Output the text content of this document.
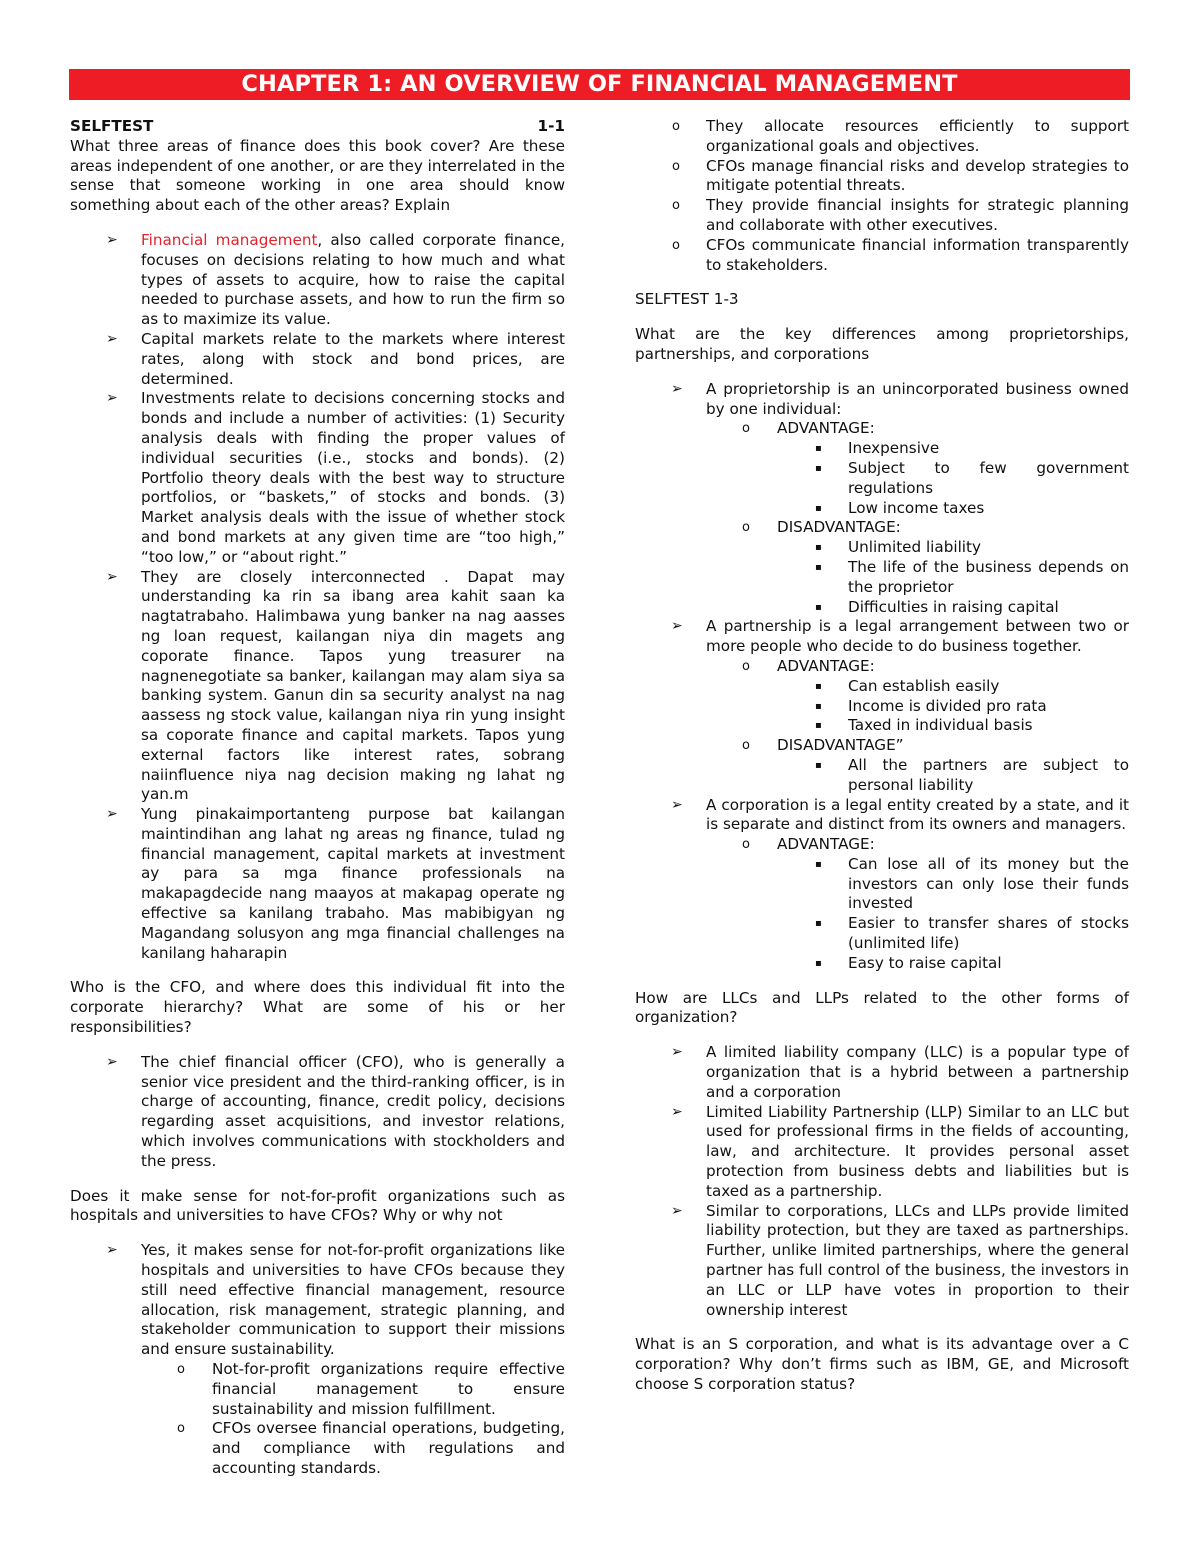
CHAPTER 1: AN OVERVIEW OF FINANCIAL MANAGEMENT
SELFTEST	1-1

What three areas of finance does this book cover? Are these areas independent of one another, or are they interrelated in the sense that someone working in one area should know something about each of the other areas? Explain

➢ Financial management, also called corporate finance, focuses on decisions relating to how much and what types of assets to acquire, how to raise the capital needed to purchase assets, and how to run the firm so as to maximize its value.
➢ Capital markets relate to the markets where interest rates, along with stock and bond prices, are determined.
➢ Investments relate to decisions concerning stocks and bonds and include a number of activities: (1) Security analysis deals with finding the proper values of individual securities (i.e., stocks and bonds). (2) Portfolio theory deals with the best way to structure portfolios, or “baskets,” of stocks and bonds. (3) Market analysis deals with the issue of whether stock and bond markets at any given time are “too high,” “too low,” or “about right.”
➢ They are closely interconnected . Dapat may understanding ka rin sa ibang area kahit saan ka nagtatrabaho. Halimbawa yung banker na nag aasses ng loan request, kailangan niya din magets ang coporate finance. Tapos yung treasurer na nagnenegotiate sa banker, kailangan may alam siya sa banking system. Ganun din sa security analyst na nag aassess ng stock value, kailangan niya rin yung insight sa coporate finance and capital markets. Tapos yung external factors like interest rates, sobrang naiinfluence niya nag decision making ng lahat ng yan.m
➢ Yung pinakaimportanteng purpose bat kailangan maintindihan ang lahat ng areas ng finance, tulad ng financial management, capital markets at investment ay para sa mga finance professionals na makapagdecide nang maayos at makapag operate ng effective sa kanilang trabaho. Mas mabibigyan ng Magandang solusyon ang mga financial challenges na kanilang haharapin

Who is the CFO, and where does this individual fit into the corporate hierarchy? What are some of his or her responsibilities?

➢ The chief financial officer (CFO), who is generally a senior vice president and the third-ranking officer, is in charge of accounting, finance, credit policy, decisions regarding asset acquisitions, and investor relations, which involves communications with stockholders and the press.

Does it make sense for not-for-profit organizations such as hospitals and universities to have CFOs? Why or why not

➢ Yes, it makes sense for not-for-profit organizations like hospitals and universities to have CFOs because they still need effective financial management, resource allocation, risk management, strategic planning, and stakeholder communication to support their missions and ensure sustainability.
o Not-for-profit organizations require effective financial management to ensure sustainability and mission fulfillment.
o CFOs oversee financial operations, budgeting, and compliance with regulations and accounting standards.
o They allocate resources efficiently to support organizational goals and objectives.
o CFOs manage financial risks and develop strategies to mitigate potential threats.
o They provide financial insights for strategic planning and collaborate with other executives.
o CFOs communicate financial information transparently to stakeholders.

SELFTEST 1-3

What are the key differences among proprietorships, partnerships, and corporations

➢ A proprietorship is an unincorporated business owned by one individual:
o ADVANTAGE:
▪ Inexpensive
▪ Subject to few government regulations
▪ Low income taxes
o DISADVANTAGE:
▪ Unlimited liability
▪ The life of the business depends on the proprietor
▪ Difficulties in raising capital
➢ A partnership is a legal arrangement between two or more people who decide to do business together.
o ADVANTAGE:
▪ Can establish easily
▪ Income is divided pro rata
▪ Taxed in individual basis
o DISADVANTAGE”
▪ All the partners are subject to personal liability
➢ A corporation is a legal entity created by a state, and it is separate and distinct from its owners and managers.
o ADVANTAGE:
▪ Can lose all of its money but the investors can only lose their funds invested
▪ Easier to transfer shares of stocks (unlimited life)
▪ Easy to raise capital

How are LLCs and LLPs related to the other forms of organization?

➢ A limited liability company (LLC) is a popular type of organization that is a hybrid between a partnership and a corporation
➢ Limited Liability Partnership (LLP) Similar to an LLC but used for professional firms in the fields of accounting, law, and architecture. It provides personal asset protection from business debts and liabilities but is taxed as a partnership.
➢ Similar to corporations, LLCs and LLPs provide limited liability protection, but they are taxed as partnerships. Further, unlike limited partnerships, where the general partner has full control of the business, the investors in an LLC or LLP have votes in proportion to their ownership interest

What is an S corporation, and what is its advantage over a C corporation? Why don’t firms such as IBM, GE, and Microsoft choose S corporation status?
